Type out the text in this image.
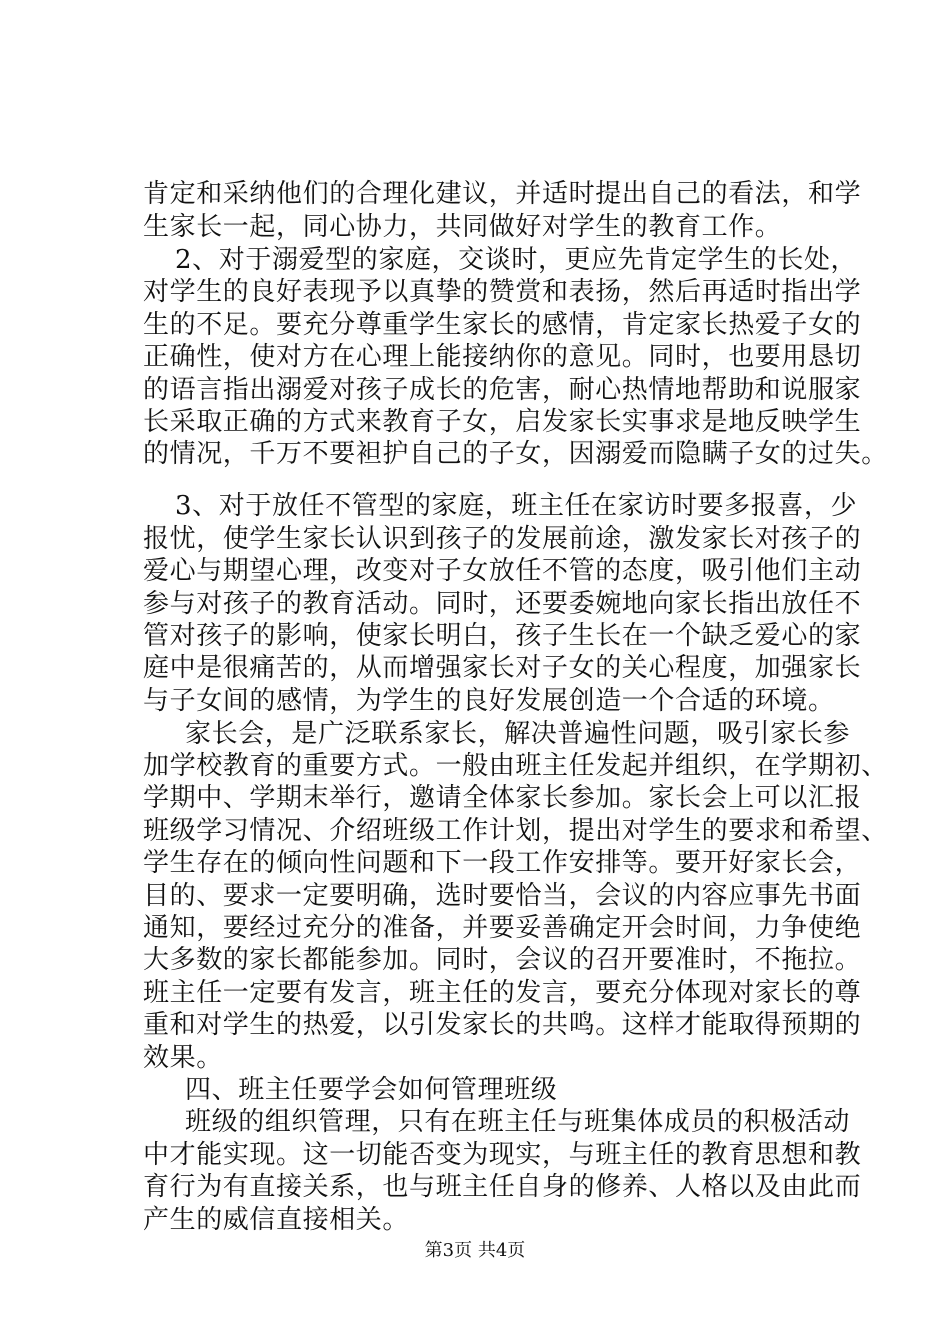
肯定和采纳他们的合理化建议，并适时提出自己的看法，和学
生家长一起，同心协力，共同做好对学生的教育工作。
2、对于溺爱型的家庭，交谈时，更应先肯定学生的长处，
对学生的良好表现予以真挚的赞赏和表扬，然后再适时指出学
生的不足。要充分尊重学生家长的感情，肯定家长热爱子女的
正确性，使对方在心理上能接纳你的意见。同时，也要用恳切
的语言指出溺爱对孩子成长的危害，耐心热情地帮助和说服家
长采取正确的方式来教育子女，启发家长实事求是地反映学生
的情况，千万不要袒护自己的子女，因溺爱而隐瞒子女的过失。
3、对于放任不管型的家庭，班主任在家访时要多报喜，少
报忧，使学生家长认识到孩子的发展前途，激发家长对孩子的
爱心与期望心理，改变对子女放任不管的态度，吸引他们主动
参与对孩子的教育活动。同时，还要委婉地向家长指出放任不
管对孩子的影响，使家长明白，孩子生长在一个缺乏爱心的家
庭中是很痛苦的，从而增强家长对子女的关心程度，加强家长
与子女间的感情，为学生的良好发展创造一个合适的环境。
家长会，是广泛联系家长，解决普遍性问题，吸引家长参
加学校教育的重要方式。一般由班主任发起并组织，在学期初、
学期中、学期末举行，邀请全体家长参加。家长会上可以汇报
班级学习情况、介绍班级工作计划，提出对学生的要求和希望、
学生存在的倾向性问题和下一段工作安排等。要开好家长会，
目的、要求一定要明确，选时要恰当，会议的内容应事先书面
通知，要经过充分的准备，并要妥善确定开会时间，力争使绝
大多数的家长都能参加。同时，会议的召开要准时，不拖拉。
班主任一定要有发言，班主任的发言，要充分体现对家长的尊
重和对学生的热爱，以引发家长的共鸣。这样才能取得预期的
效果。
四、班主任要学会如何管理班级
班级的组织管理，只有在班主任与班集体成员的积极活动
中才能实现。这一切能否变为现实，与班主任的教育思想和教
育行为有直接关系，也与班主任自身的修养、人格以及由此而
产生的威信直接相关。
第3页 共4页
